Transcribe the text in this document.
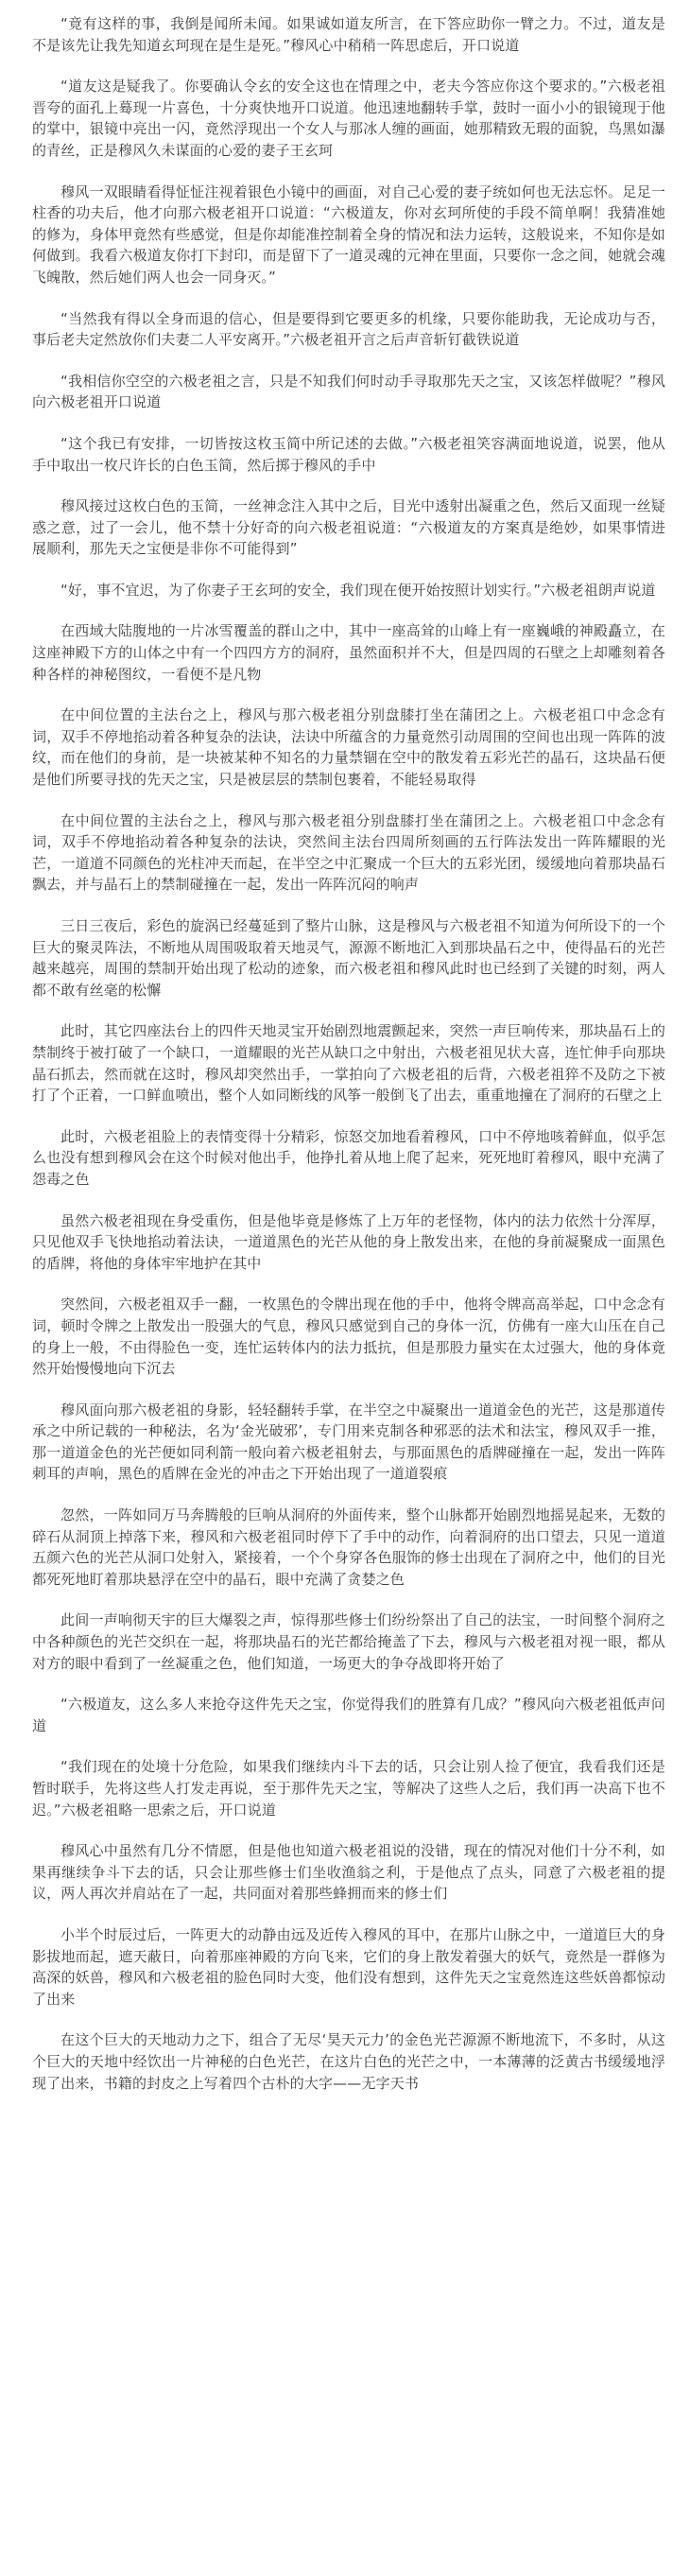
“竟有这样的事，我倒是闻所未闻。如果诚如道友所言，在下答应助你一臂之力。不过，道友是不是该先让我先知道玄珂现在是生是死。”穆风心中稍稍一阵思虑后，开口说道

“道友这是疑我了。你要确认令玄的安全这也在情理之中，老夫今答应你这个要求的。”六极老祖晋夸的面孔上蓦现一片喜色，十分爽快地开口说道。他迅速地翻转手掌，鼓时一面小小的银镜现于他的掌中，银镜中亮出一闪，竟然浮现出一个女人与那冰人缠的画面，她那精致无瑕的面貌，鸟黑如瀑的青丝，正是穆风久未谋面的心爱的妻子王玄珂

穆风一双眼睛看得怔怔注视着银色小镜中的画面，对自己心爱的妻子统如何也无法忘怀。足足一柱香的功夫后，他才向那六极老祖开口说道：“六极道友，你对玄珂所使的手段不简单啊！我猜准她的修为，身体甲竟然有些感觉，但是你却能准控制着全身的情况和法力运转，这般说来，不知你是如何做到。我看六极道友你打下封印，而是留下了一道灵魂的元神在里面，只要你一念之间，她就会魂飞魄散，然后她们两人也会一同身灭。”

“当然我有得以全身而退的信心，但是要得到它要更多的机缘，只要你能助我，无论成功与否，事后老夫定然放你们夫妻二人平安离开。”六极老祖开言之后声音斩钉截铁说道

“我相信你空空的六极老祖之言，只是不知我们何时动手寻取那先天之宝，又该怎样做呢？”穆风向六极老祖开口说道

“这个我已有安排，一切皆按这枚玉简中所记述的去做。”六极老祖笑容满面地说道，说罢，他从手中取出一枚尺许长的白色玉简，然后掷于穆风的手中

穆风接过这枚白色的玉简，一丝神念注入其中之后，目光中透射出凝重之色，然后又面现一丝疑惑之意，过了一会儿，他不禁十分好奇的向六极老祖说道：“六极道友的方案真是绝妙，如果事情进展顺利，那先天之宝便是非你不可能得到”

“好，事不宜迟，为了你妻子王玄珂的安全，我们现在便开始按照计划实行。”六极老祖朗声说道

在西域大陆腹地的一片冰雪覆盖的群山之中，其中一座高耸的山峰上有一座巍峨的神殿矗立，在这座神殿下方的山体之中有一个四四方方的洞府，虽然面积并不大，但是四周的石壁之上却雕刻着各种各样的神秘图纹，一看便不是凡物

在中间位置的主法台之上，穆风与那六极老祖分别盘膝打坐在蒲团之上。六极老祖口中念念有词，双手不停地掐动着各种复杂的法诀，法诀中所蕴含的力量竟然引动周围的空间也出现一阵阵的波纹，而在他们的身前，是一块被某种不知名的力量禁锢在空中的散发着五彩光芒的晶石，这块晶石便是他们所要寻找的先天之宝，只是被层层的禁制包裹着，不能轻易取得

在中间位置的主法台之上，穆风与那六极老祖分别盘膝打坐在蒲团之上。六极老祖口中念念有词，双手不停地掐动着各种复杂的法诀，突然间主法台四周所刻画的五行阵法发出一阵阵耀眼的光芒，一道道不同颜色的光柱冲天而起，在半空之中汇聚成一个巨大的五彩光团，缓缓地向着那块晶石飘去，并与晶石上的禁制碰撞在一起，发出一阵阵沉闷的响声

三日三夜后，彩色的旋涡已经蔓延到了整片山脉，这是穆风与六极老祖不知道为何所设下的一个巨大的聚灵阵法，不断地从周围吸取着天地灵气，源源不断地汇入到那块晶石之中，使得晶石的光芒越来越亮，周围的禁制开始出现了松动的迹象，而六极老祖和穆风此时也已经到了关键的时刻，两人都不敢有丝毫的松懈

此时，其它四座法台上的四件天地灵宝开始剧烈地震颤起来，突然一声巨响传来，那块晶石上的禁制终于被打破了一个缺口，一道耀眼的光芒从缺口之中射出，六极老祖见状大喜，连忙伸手向那块晶石抓去，然而就在这时，穆风却突然出手，一掌拍向了六极老祖的后背，六极老祖猝不及防之下被打了个正着，一口鲜血喷出，整个人如同断线的风筝一般倒飞了出去，重重地撞在了洞府的石壁之上

此时，六极老祖脸上的表情变得十分精彩，惊怒交加地看着穆风，口中不停地咳着鲜血，似乎怎么也没有想到穆风会在这个时候对他出手，他挣扎着从地上爬了起来，死死地盯着穆风，眼中充满了怨毒之色

虽然六极老祖现在身受重伤，但是他毕竟是修炼了上万年的老怪物，体内的法力依然十分浑厚，只见他双手飞快地掐动着法诀，一道道黑色的光芒从他的身上散发出来，在他的身前凝聚成一面黑色的盾牌，将他的身体牢牢地护在其中

突然间，六极老祖双手一翻，一枚黑色的令牌出现在他的手中，他将令牌高高举起，口中念念有词，顿时令牌之上散发出一股强大的气息，穆风只感觉到自己的身体一沉，仿佛有一座大山压在自己的身上一般，不由得脸色一变，连忙运转体内的法力抵抗，但是那股力量实在太过强大，他的身体竟然开始慢慢地向下沉去

穆风面向那六极老祖的身影，轻轻翻转手掌，在半空之中凝聚出一道道金色的光芒，这是那道传承之中所记载的一种秘法，名为‘金光破邪’，专门用来克制各种邪恶的法术和法宝，穆风双手一推，那一道道金色的光芒便如同利箭一般向着六极老祖射去，与那面黑色的盾牌碰撞在一起，发出一阵阵刺耳的声响，黑色的盾牌在金光的冲击之下开始出现了一道道裂痕

忽然，一阵如同万马奔腾般的巨响从洞府的外面传来，整个山脉都开始剧烈地摇晃起来，无数的碎石从洞顶上掉落下来，穆风和六极老祖同时停下了手中的动作，向着洞府的出口望去，只见一道道五颜六色的光芒从洞口处射入，紧接着，一个个身穿各色服饰的修士出现在了洞府之中，他们的目光都死死地盯着那块悬浮在空中的晶石，眼中充满了贪婪之色

此间一声响彻天宇的巨大爆裂之声，惊得那些修士们纷纷祭出了自己的法宝，一时间整个洞府之中各种颜色的光芒交织在一起，将那块晶石的光芒都给掩盖了下去，穆风与六极老祖对视一眼，都从对方的眼中看到了一丝凝重之色，他们知道，一场更大的争夺战即将开始了

“六极道友，这么多人来抢夺这件先天之宝，你觉得我们的胜算有几成？”穆风向六极老祖低声问道

“我们现在的处境十分危险，如果我们继续内斗下去的话，只会让别人捡了便宜，我看我们还是暂时联手，先将这些人打发走再说，至于那件先天之宝，等解决了这些人之后，我们再一决高下也不迟。”六极老祖略一思索之后，开口说道

穆风心中虽然有几分不情愿，但是他也知道六极老祖说的没错，现在的情况对他们十分不利，如果再继续争斗下去的话，只会让那些修士们坐收渔翁之利，于是他点了点头，同意了六极老祖的提议，两人再次并肩站在了一起，共同面对着那些蜂拥而来的修士们

小半个时辰过后，一阵更大的动静由远及近传入穆风的耳中，在那片山脉之中，一道道巨大的身影拔地而起，遮天蔽日，向着那座神殿的方向飞来，它们的身上散发着强大的妖气，竟然是一群修为高深的妖兽，穆风和六极老祖的脸色同时大变，他们没有想到，这件先天之宝竟然连这些妖兽都惊动了出来

在这个巨大的天地动力之下，组合了无尽‘昊天元力’的金色光芒源源不断地流下，不多时，从这个巨大的天地中经饮出一片神秘的白色光芒，在这片白色的光芒之中，一本薄薄的泛黄古书缓缓地浮现了出来，书籍的封皮之上写着四个古朴的大字——无字天书
